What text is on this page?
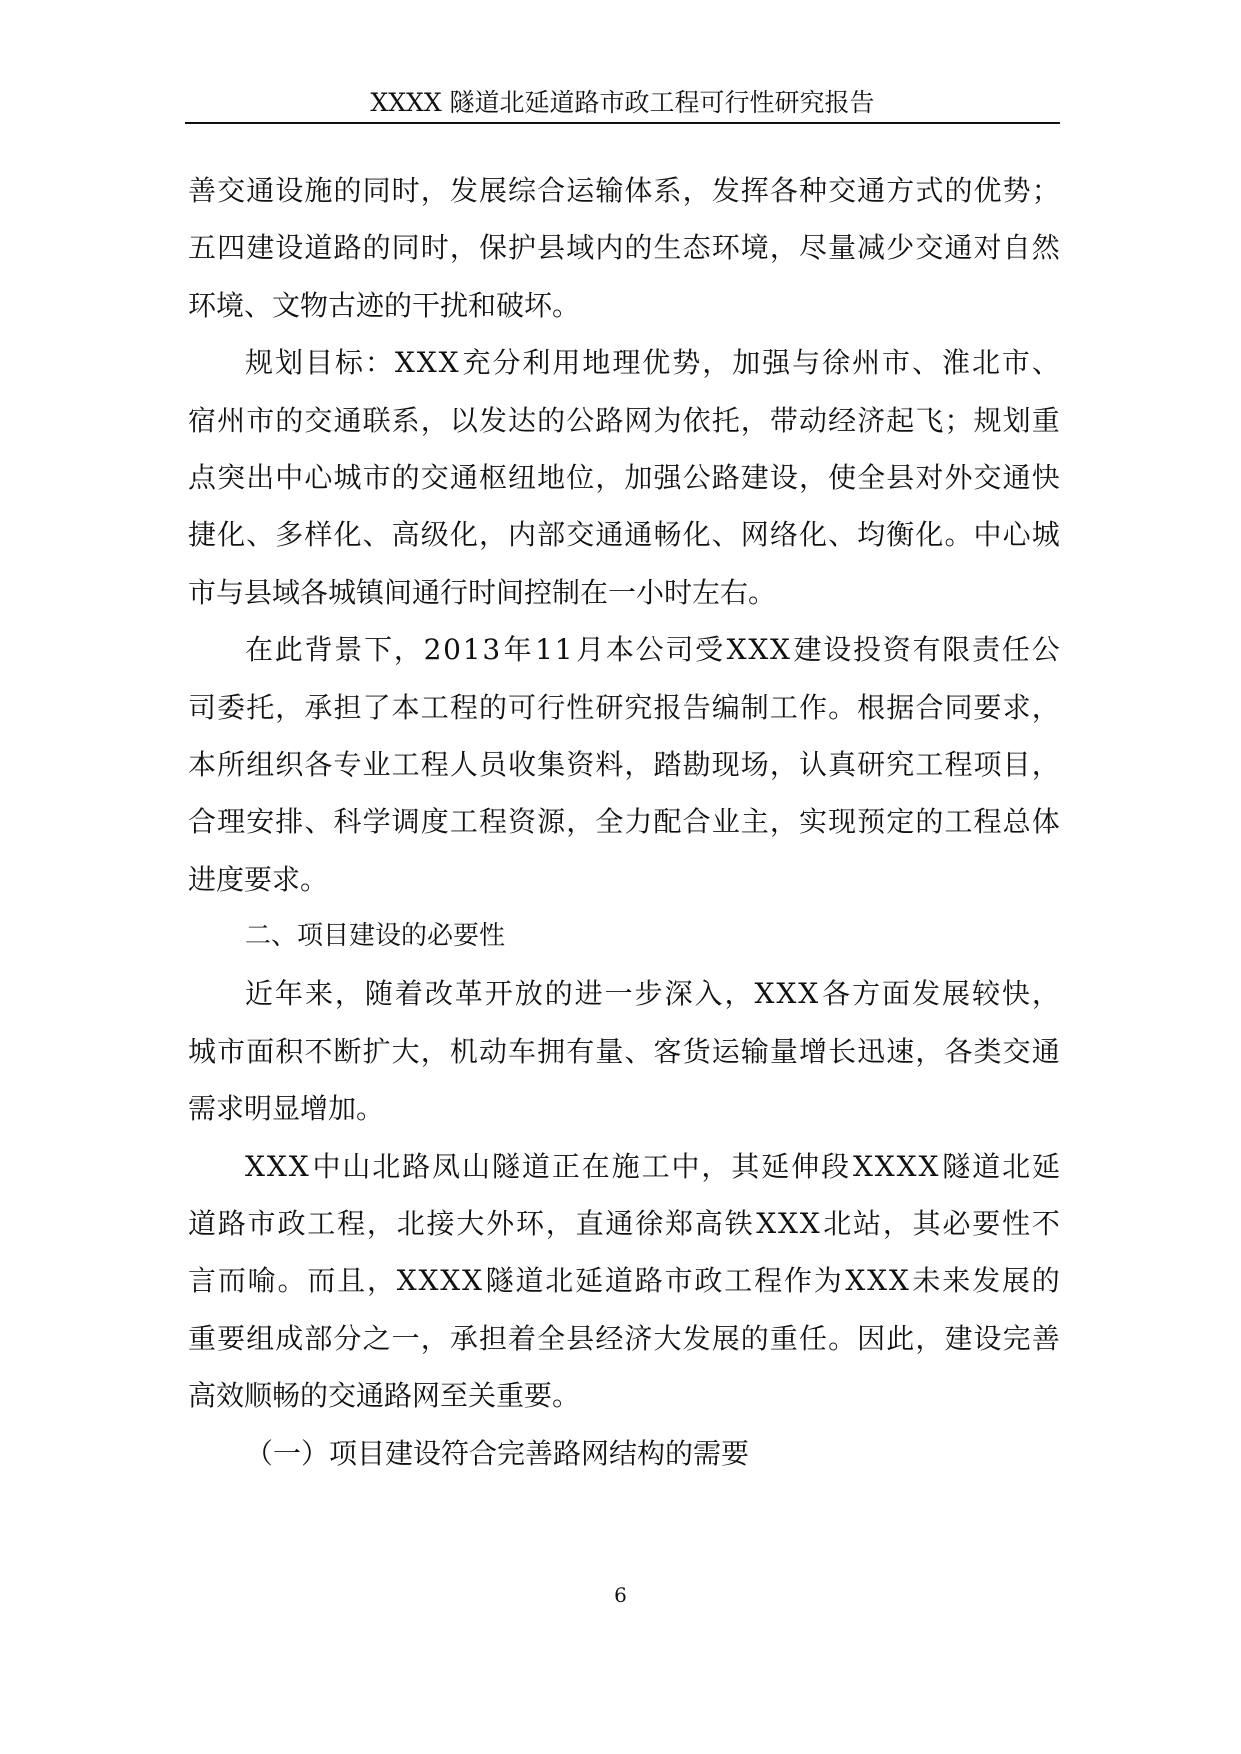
XXXX 隧道北延道路市政工程可行性研究报告
善 交 通 设 施 的 同 时 ， 发 展 综 合 运 输 体 系 ， 发 挥 各 种 交 通 方 式 的 优 势 ；
五 四 建 设 道 路 的 同 时 ， 保 护 县 域 内 的 生 态 环 境 ， 尽 量 减 少 交 通 对 自 然
环境、文物古迹的干扰和破坏。
规 划 目 标 ： X X X 充 分 利 用 地 理 优 势 ， 加 强 与 徐 州 市 、 淮 北 市 、
宿 州 市 的 交 通 联 系 ， 以 发 达 的 公 路 网 为 依 托 ， 带 动 经 济 起 飞 ； 规 划 重
点 突 出 中 心 城 市 的 交 通 枢 纽 地 位 ， 加 强 公 路 建 设 ， 使 全 县 对 外 交 通 快
捷 化 、 多 样 化 、 高 级 化 ， 内 部 交 通 通 畅 化 、 网 络 化 、 均 衡 化 。 中 心 城
市与县域各城镇间通行时间控制在一小时左右。
在 此 背 景 下 ， 2 0 1 3 年 1 1 月 本 公 司 受 X X X 建 设 投 资 有 限 责 任 公
司 委 托 ， 承 担 了 本 工 程 的 可 行 性 研 究 报 告 编 制 工 作 。 根 据 合 同 要 求 ，
本 所 组 织 各 专 业 工 程 人 员 收 集 资 料 ， 踏 勘 现 场 ， 认 真 研 究 工 程 项 目 ，
合 理 安 排 、 科 学 调 度 工 程 资 源 ， 全 力 配 合 业 主 ， 实 现 预 定 的 工 程 总 体
进度要求。
二、项目建设的必要性
近 年 来 ， 随 着 改 革 开 放 的 进 一 步 深 入 ， X X X 各 方 面 发 展 较 快 ，
城 市 面 积 不 断 扩 大 ， 机 动 车 拥 有 量 、 客 货 运 输 量 增 长 迅 速 ， 各 类 交 通
需求明显增加。
X X X 中 山 北 路 凤 山 隧 道 正 在 施 工 中 ， 其 延 伸 段 X X X X 隧 道 北 延
道 路 市 政 工 程 ， 北 接 大 外 环 ， 直 通 徐 郑 高 铁 X X X 北 站 ， 其 必 要 性 不
言 而 喻 。 而 且 ， X X X X 隧 道 北 延 道 路 市 政 工 程 作 为 X X X 未 来 发 展 的
重 要 组 成 部 分 之 一 ， 承 担 着 全 县 经 济 大 发 展 的 重 任 。 因 此 ， 建 设 完 善
高效顺畅的交通路网至关重要。
（一）项目建设符合完善路网结构的需要
6
